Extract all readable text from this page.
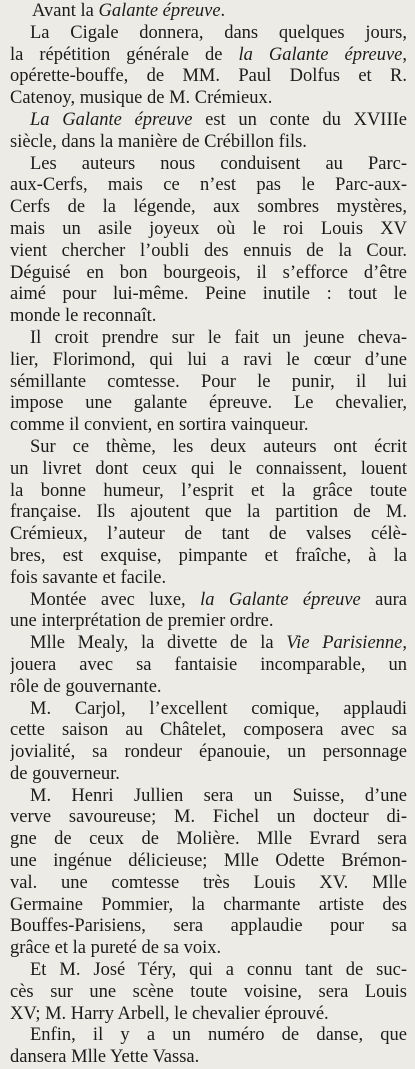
Avant la Galante épreuve.
La Cigale donnera, dans quelques jours,
la répétition générale de la Galante épreuve,
opérette-bouffe, de MM. Paul Dolfus et R.
Catenoy, musique de M. Crémieux.
La Galante épreuve est un conte du XVIIIe
siècle, dans la manière de Crébillon fils.
Les auteurs nous conduisent au Parc-
aux-Cerfs, mais ce n’est pas le Parc-aux-
Cerfs de la légende, aux sombres mystères,
mais un asile joyeux où le roi Louis XV
vient chercher l’oubli des ennuis de la Cour.
Déguisé en bon bourgeois, il s’efforce d’être
aimé pour lui-même. Peine inutile : tout le
monde le reconnaît.
Il croit prendre sur le fait un jeune cheva-
lier, Florimond, qui lui a ravi le cœur d’une
sémillante comtesse. Pour le punir, il lui
impose une galante épreuve. Le chevalier,
comme il convient, en sortira vainqueur.
Sur ce thème, les deux auteurs ont écrit
un livret dont ceux qui le connaissent, louent
la bonne humeur, l’esprit et la grâce toute
française. Ils ajoutent que la partition de M.
Crémieux, l’auteur de tant de valses célè-
bres, est exquise, pimpante et fraîche, à la
fois savante et facile.
Montée avec luxe, la Galante épreuve aura
une interprétation de premier ordre.
Mlle Mealy, la divette de la Vie Parisienne,
jouera avec sa fantaisie incomparable, un
rôle de gouvernante.
M. Carjol, l’excellent comique, applaudi
cette saison au Châtelet, composera avec sa
jovialité, sa rondeur épanouie, un personnage
de gouverneur.
M. Henri Jullien sera un Suisse, d’une
verve savoureuse; M. Fichel un docteur di-
gne de ceux de Molière. Mlle Evrard sera
une ingénue délicieuse; Mlle Odette Brémon-
val. une comtesse très Louis XV. Mlle
Germaine Pommier, la charmante artiste des
Bouffes-Parisiens, sera applaudie pour sa
grâce et la pureté de sa voix.
Et M. José Téry, qui a connu tant de suc-
cès sur une scène toute voisine, sera Louis
XV; M. Harry Arbell, le chevalier éprouvé.
Enfin, il y a un numéro de danse, que
dansera Mlle Yette Vassa.
